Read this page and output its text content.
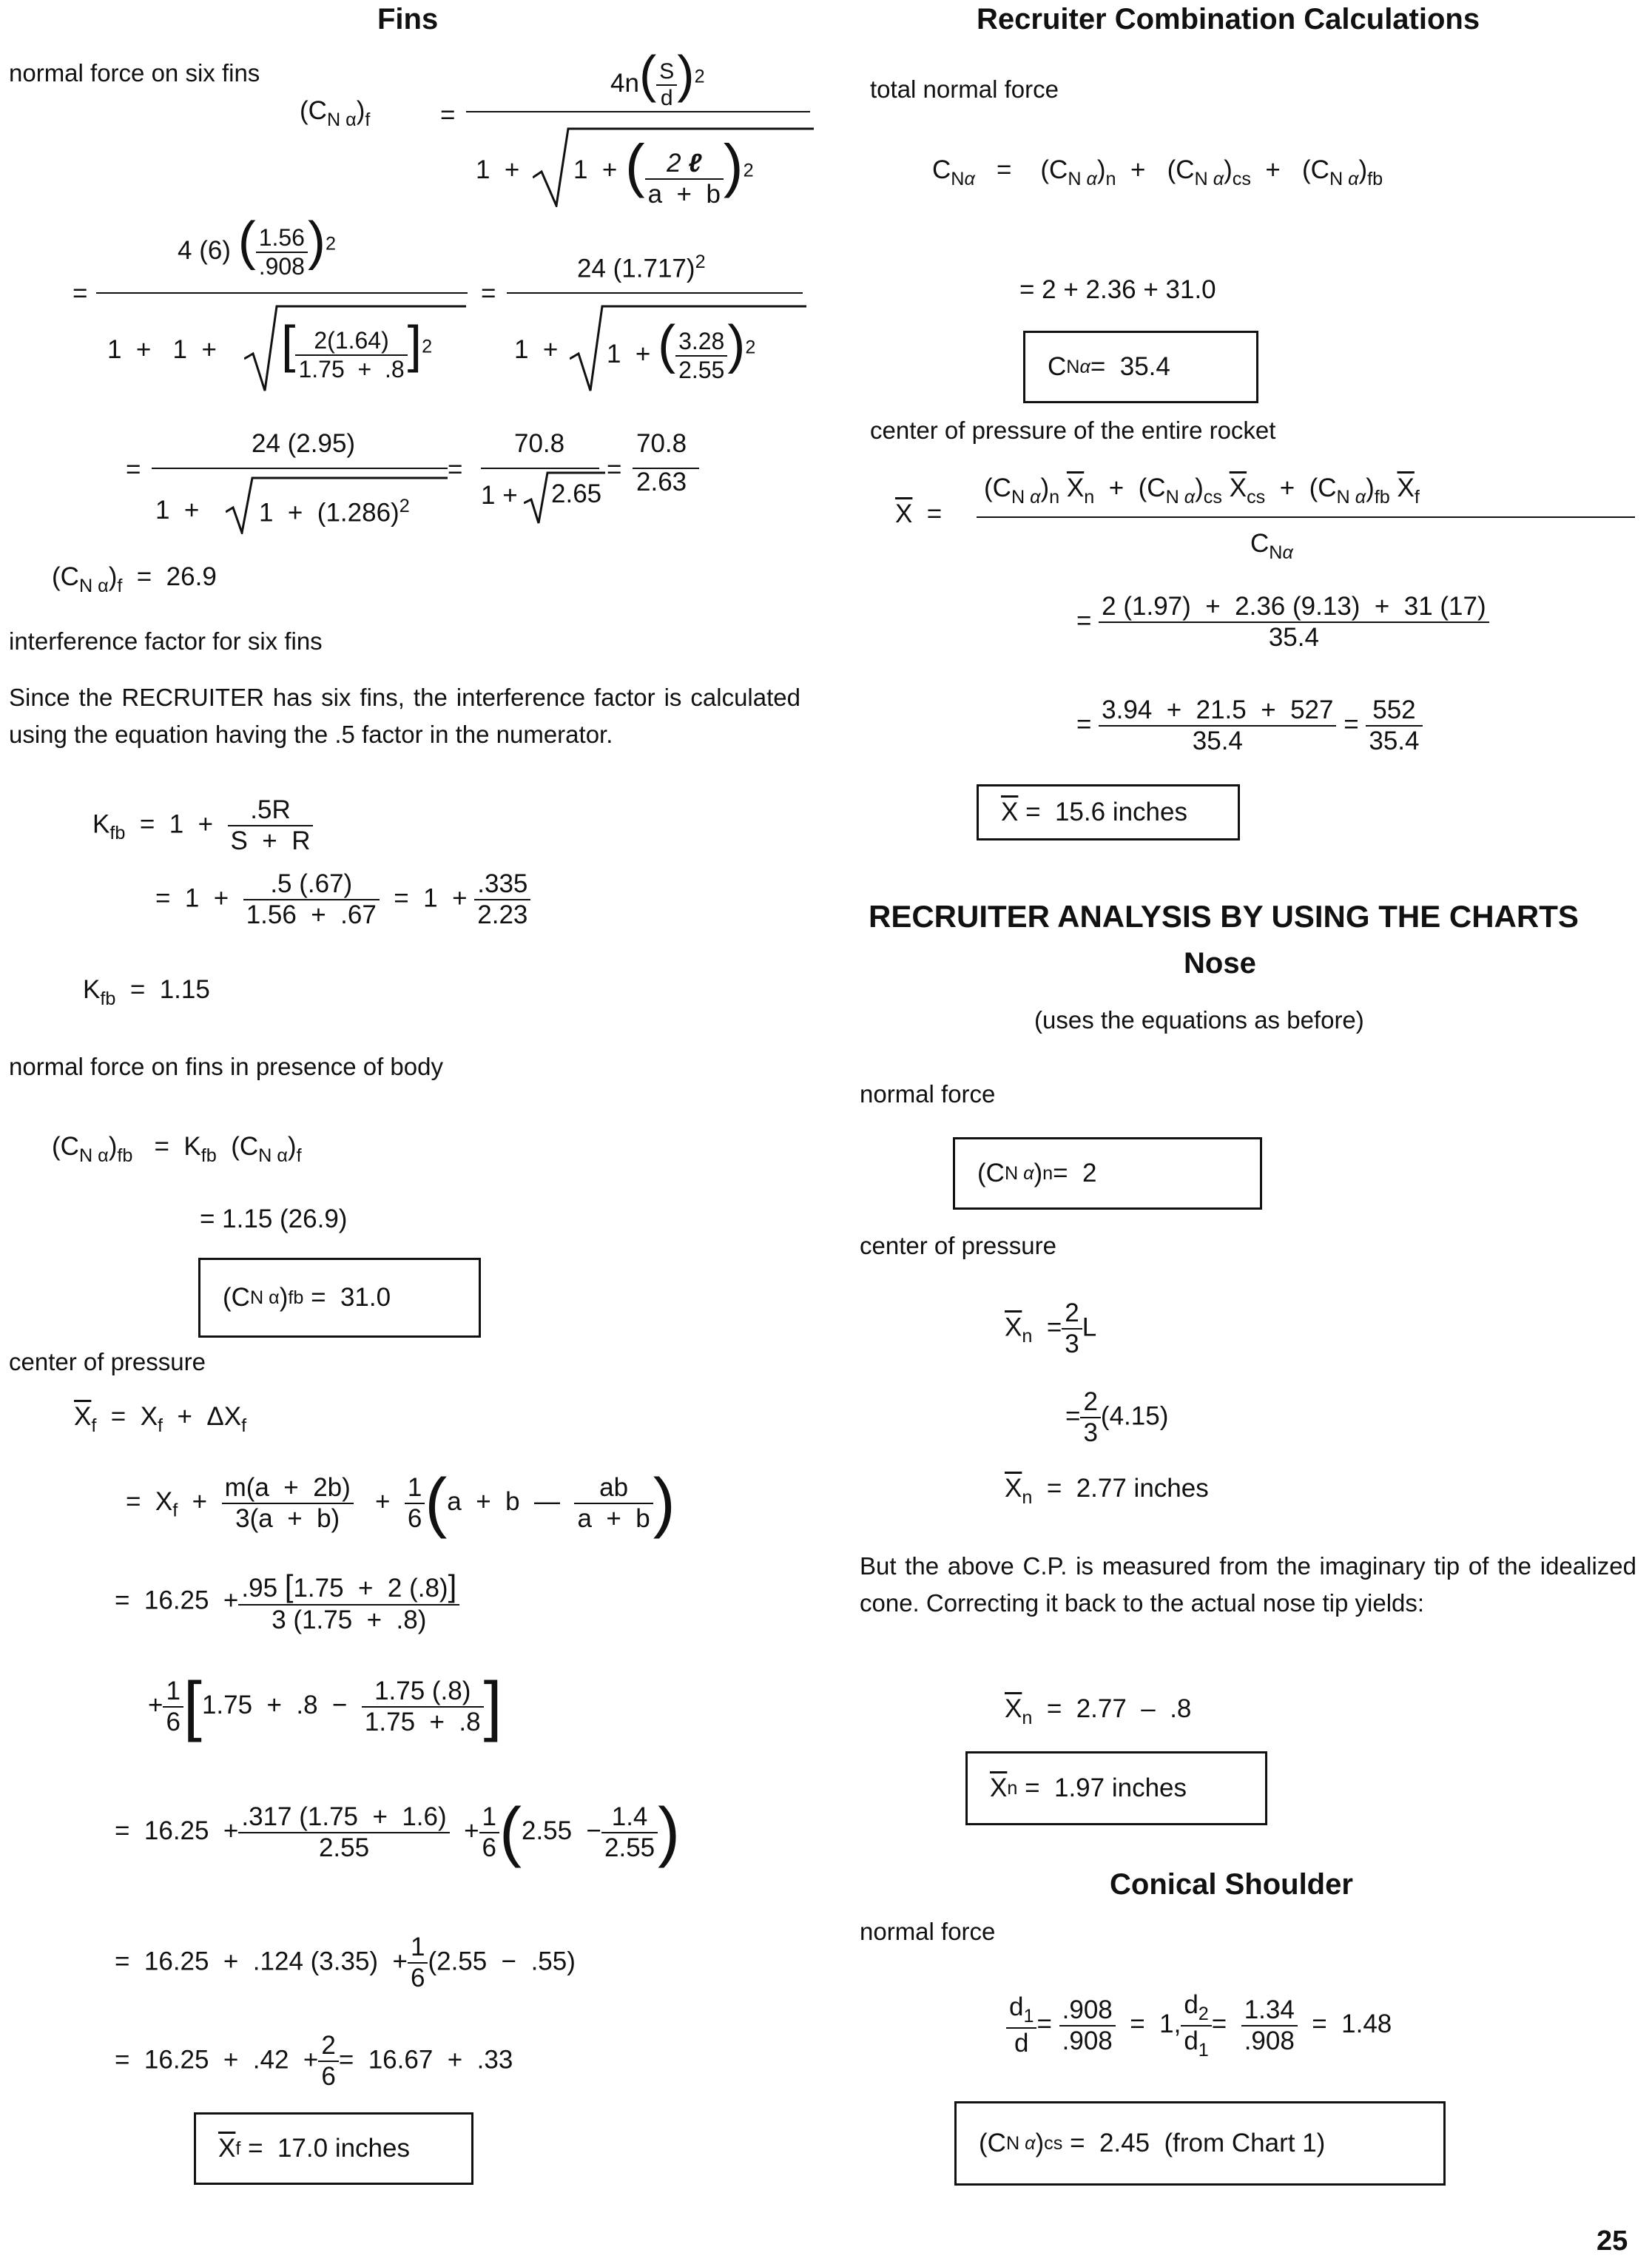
Fins
normal force on six fins
$(C_{N \alpha})_f$	=
$4n( \frac{S}{d} )^2$
1  + 1  + ( $\frac{\text{2 ℓ}}{a + b} )^2$
=
4 (6) ( $\frac{1.56}{.908} )^2$
1  +   1  + [ $\frac{2(1.64)}{1.75 + .8} ]^2$
=
24 $(1.717)^2$
1  + 1  + ( $\frac{3.28}{2.55} )^2$
=
24 (2.95)
$1 + 1 + (1.286)^2$
=
70.8
1 + 2.65
=
70.8
2.63
$(C_{N \alpha})_f = 26.9$
interference factor for six fins
Since the RECRUITER has six fins, the interference factor is calculated using the equation having the .5 factor in the numerator.
$K_{fb} = 1 + \frac{.5R}{S + R}$
=  $1 + \frac{.5 (.67)}{1.56 + .67} = 1 + \frac{.335}{2.23}$
$K_{fb} = 1.15$
normal force on fins in presence of body
$(C_{N \alpha})_{fb} = K_{fb}$  $(C_{N \alpha})_f$
= 1.15 (26.9)
(C N α ) fb =  31.0
center of pressure
$\overline{X}_f = X_f + \Delta X_f$
=  $X_f + \frac{m(a + 2b)}{3(a + b)} + \frac{1}{6} (a + b$  — $\frac{ab}{a + b}$ )
=  $16.25 + \frac{.95 [1.75 + 2 (.8)]}{3 (1.75 + .8)}$
+ $\frac{1}{6} [1.75 + .8 - \frac{1.75 (.8)}{1.75 + .8}$ ]
=  $16.25 + \frac{.317 (1.75 + 1.6)}{2.55} + \frac{1}{6} (2.55 - \frac{1.4}{2.55}$ )
=  16.25  +  .124 $(3.35) + \frac{1}{6} (2.55 - .55)$
=  $16.25 + .42 + \frac{2}{6} = 16.67 + .33$
$\overline{X}$ f =  17.0 inches
Recruiter Combination Calculations
total normal force
$C_{N\alpha}$   =    $(C_{N \alpha})_n + (C_{N \alpha})_{cs} + (C_{N \alpha})_{fb}$
= 2 + 2.36 + 31.0
C Nα =  35.4
center of pressure of the entire rocket
$\overline{X}$  =
$(C_{N \alpha})_n$ $\overline{X}_n + (C_{N \alpha})_{cs}$ $\overline{X}_{cs} + (C_{N \alpha})_{fb}$ $\overline{X}_f$
$C_{N\alpha}$
= $\frac{2 (1.97) + 2.36 (9.13) + 31 (17)}{35.4}$
= $\frac{3.94 + 21.5 + 527}{35.4} = \frac{552}{35.4}$
$\overline{X} = 15.6$ inches
RECRUITER ANALYSIS BY USING THE CHARTS
Nose
(uses the equations as before)
normal force
(C N α ) n =  2
center of pressure
$\overline{X}_n = \frac{2}{3}$ L
= $\frac{2}{3} (4.15)$
$\overline{X}_n = 2.77$ inches
But the above C.P. is measured from the imaginary tip of the idealized cone. Correcting it back to the actual nose tip yields:
$\overline{X}_n = 2.77 - .8$
$\overline{X}$ n =  1.97 inches
Conical Shoulder
normal force
$\frac{d_1}{d} = \frac{.908}{.908} = 1$, $\frac{d_2}{d_1} = \frac{1.34}{.908} = 1.48$
(C N α ) cs =  2.45  (from Chart 1)
25
